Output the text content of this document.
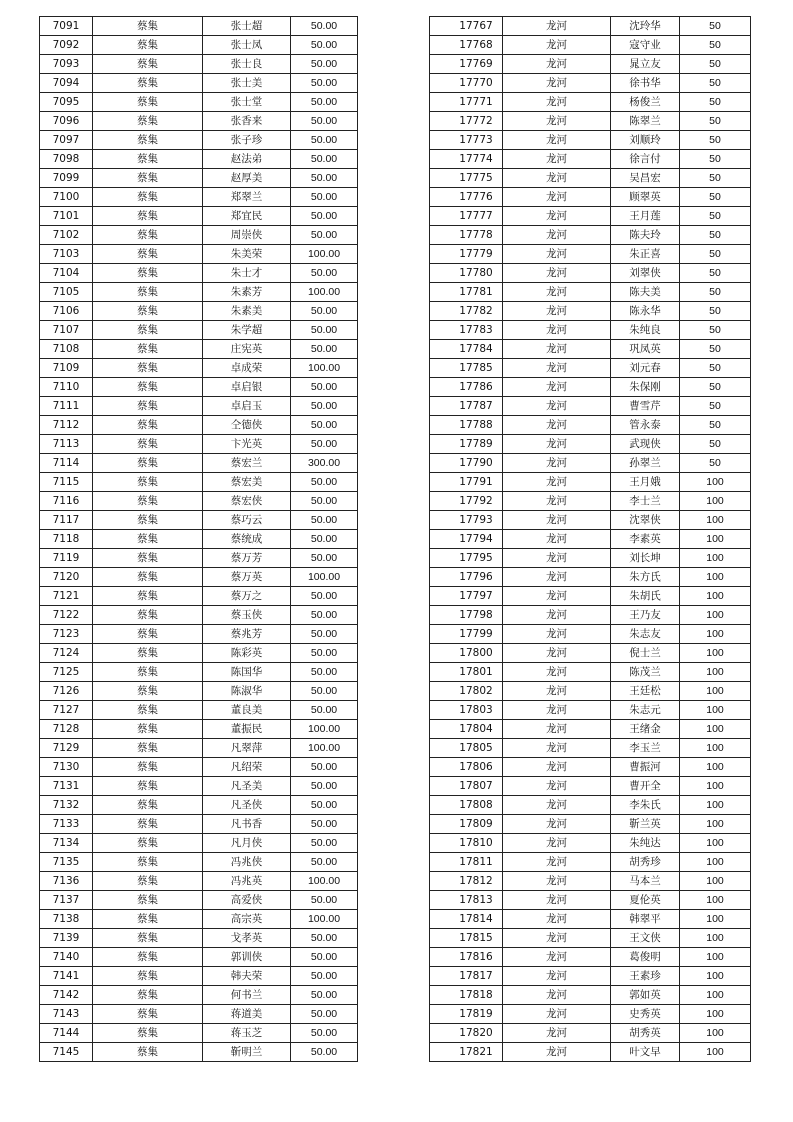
7091	蔡集	张士超	50.00
7092	蔡集	张士凤	50.00
7093	蔡集	张士良	50.00
7094	蔡集	张士美	50.00
7095	蔡集	张士堂	50.00
7096	蔡集	张香来	50.00
7097	蔡集	张子珍	50.00
7098	蔡集	赵法弟	50.00
7099	蔡集	赵厚美	50.00
7100	蔡集	郑翠兰	50.00
7101	蔡集	郑宜民	50.00
7102	蔡集	周崇侠	50.00
7103	蔡集	朱美荣	100.00
7104	蔡集	朱士才	50.00
7105	蔡集	朱素芳	100.00
7106	蔡集	朱素美	50.00
7107	蔡集	朱学超	50.00
7108	蔡集	庄宪英	50.00
7109	蔡集	卓成荣	100.00
7110	蔡集	卓启银	50.00
7111	蔡集	卓启玉	50.00
7112	蔡集	仝德侠	50.00
7113	蔡集	卞光英	50.00
7114	蔡集	蔡宏兰	300.00
7115	蔡集	蔡宏美	50.00
7116	蔡集	蔡宏侠	50.00
7117	蔡集	蔡巧云	50.00
7118	蔡集	蔡统成	50.00
7119	蔡集	蔡万芳	50.00
7120	蔡集	蔡万英	100.00
7121	蔡集	蔡万之	50.00
7122	蔡集	蔡玉侠	50.00
7123	蔡集	蔡兆芳	50.00
7124	蔡集	陈彩英	50.00
7125	蔡集	陈国华	50.00
7126	蔡集	陈淑华	50.00
7127	蔡集	董良美	50.00
7128	蔡集	董振民	100.00
7129	蔡集	凡翠萍	100.00
7130	蔡集	凡绍荣	50.00
7131	蔡集	凡圣美	50.00
7132	蔡集	凡圣侠	50.00
7133	蔡集	凡书香	50.00
7134	蔡集	凡月侠	50.00
7135	蔡集	冯兆侠	50.00
7136	蔡集	冯兆英	100.00
7137	蔡集	高爱侠	50.00
7138	蔡集	高宗英	100.00
7139	蔡集	戈孝英	50.00
7140	蔡集	郭训侠	50.00
7141	蔡集	韩夫荣	50.00
7142	蔡集	何书兰	50.00
7143	蔡集	蒋道美	50.00
7144	蔡集	蒋玉芝	50.00
7145	蔡集	靳明兰	50.00
17767	龙河	沈玲华	50
17768	龙河	寇守业	50
17769	龙河	晁立友	50
17770	龙河	徐书华	50
17771	龙河	杨俊兰	50
17772	龙河	陈翠兰	50
17773	龙河	刘顺玲	50
17774	龙河	徐言付	50
17775	龙河	吴昌宏	50
17776	龙河	顾翠英	50
17777	龙河	王月莲	50
17778	龙河	陈夫玲	50
17779	龙河	朱正喜	50
17780	龙河	刘翠侠	50
17781	龙河	陈夫美	50
17782	龙河	陈永华	50
17783	龙河	朱纯良	50
17784	龙河	巩凤英	50
17785	龙河	刘元春	50
17786	龙河	朱保刚	50
17787	龙河	曹雪芹	50
17788	龙河	管永泰	50
17789	龙河	武现侠	50
17790	龙河	孙翠兰	50
17791	龙河	王月娥	100
17792	龙河	李士兰	100
17793	龙河	沈翠侠	100
17794	龙河	李素英	100
17795	龙河	刘长坤	100
17796	龙河	朱方氏	100
17797	龙河	朱胡氏	100
17798	龙河	王乃友	100
17799	龙河	朱志友	100
17800	龙河	倪士兰	100
17801	龙河	陈茂兰	100
17802	龙河	王廷松	100
17803	龙河	朱志元	100
17804	龙河	王绪金	100
17805	龙河	李玉兰	100
17806	龙河	曹振河	100
17807	龙河	曹开全	100
17808	龙河	李朱氏	100
17809	龙河	靳兰英	100
17810	龙河	朱纯达	100
17811	龙河	胡秀珍	100
17812	龙河	马本兰	100
17813	龙河	夏伦英	100
17814	龙河	韩翠平	100
17815	龙河	王文侠	100
17816	龙河	葛俊明	100
17817	龙河	王素珍	100
17818	龙河	郭如英	100
17819	龙河	史秀英	100
17820	龙河	胡秀英	100
17821	龙河	叶文早	100
